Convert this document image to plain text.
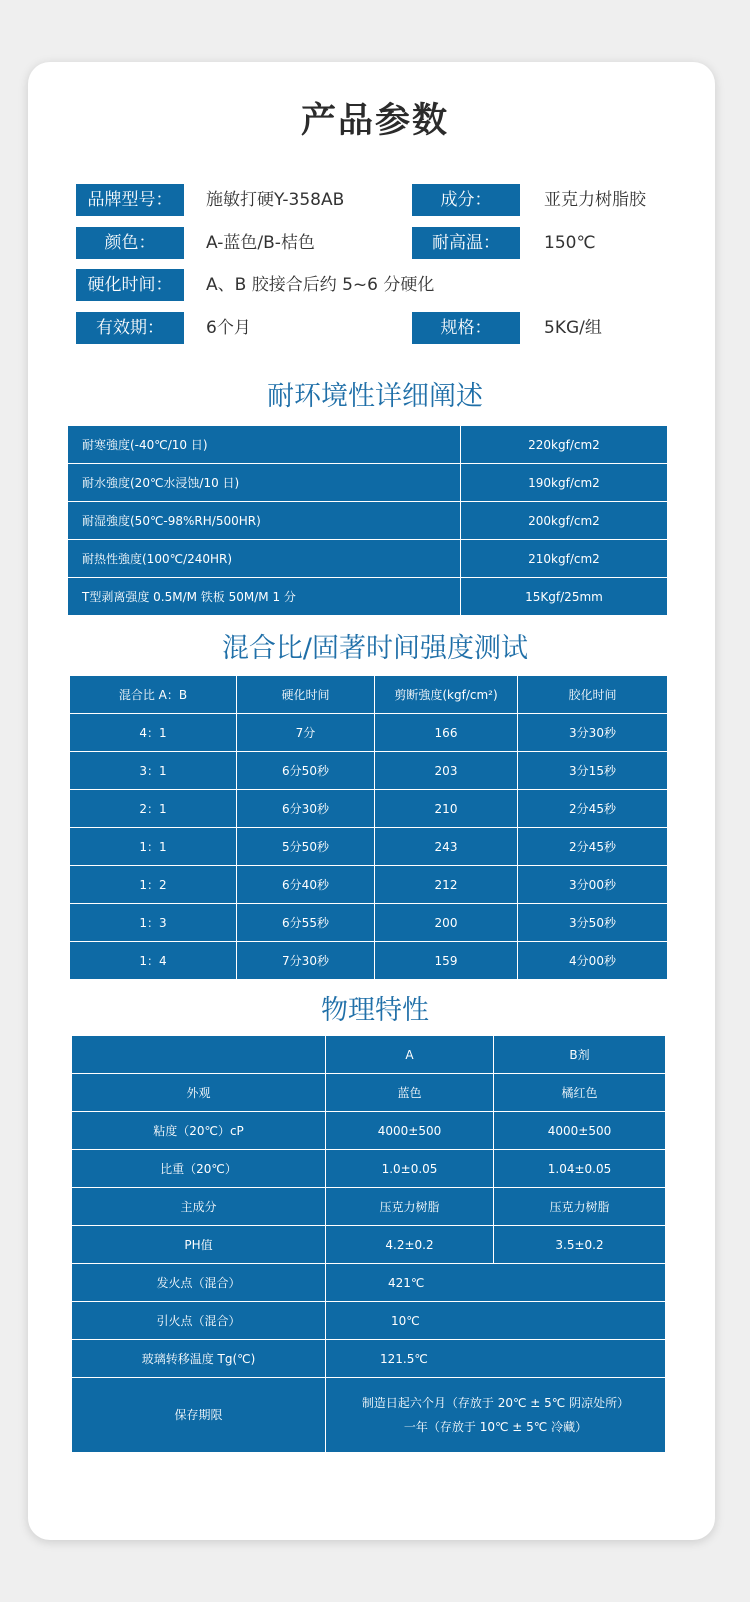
产品参数
品牌型号：	施敏打硬Y-358AB	成分：	亚克力树脂胶
颜色：	A-蓝色/B-桔色	耐高温：	150℃
硬化时间：	A、B 胶接合后约 5~6 分硬化
有效期：	6个月	规格：	5KG/组
耐环境性详细阐述
耐寒強度(-40℃/10 日)	220kgf/cm2
耐水強度(20℃水浸蚀/10 日)	190kgf/cm2
耐湿強度(50℃-98%RH/500HR)	200kgf/cm2
耐热性強度(100℃/240HR)	210kgf/cm2
T型剥离强度 0.5M/M 铁板 50M/M 1 分	15Kgf/25mm
混合比/固著时间强度测试
混合比 A：B	硬化时间	剪断強度(kgf/cm²)	胶化时间
4：1	7分	166	3分30秒
3：1	6分50秒	203	3分15秒
2：1	6分30秒	210	2分45秒
1：1	5分50秒	243	2分45秒
1：2	6分40秒	212	3分00秒
1：3	6分55秒	200	3分50秒
1：4	7分30秒	159	4分00秒
物理特性
	A	B剂
外观	蓝色	橘红色
粘度（20℃）cP	4000±500	4000±500
比重（20℃）	1.0±0.05	1.04±0.05
主成分	压克力树脂	压克力树脂
PH值	4.2±0.2	3.5±0.2
发火点（混合）	421℃	
引火点（混合）	10℃	
玻璃转移温度 Tg(℃)	121.5℃	
保存期限	制造日起六个月（存放于 20℃ ± 5℃ 阴凉处所）
一年（存放于 10℃ ± 5℃ 冷藏）	
